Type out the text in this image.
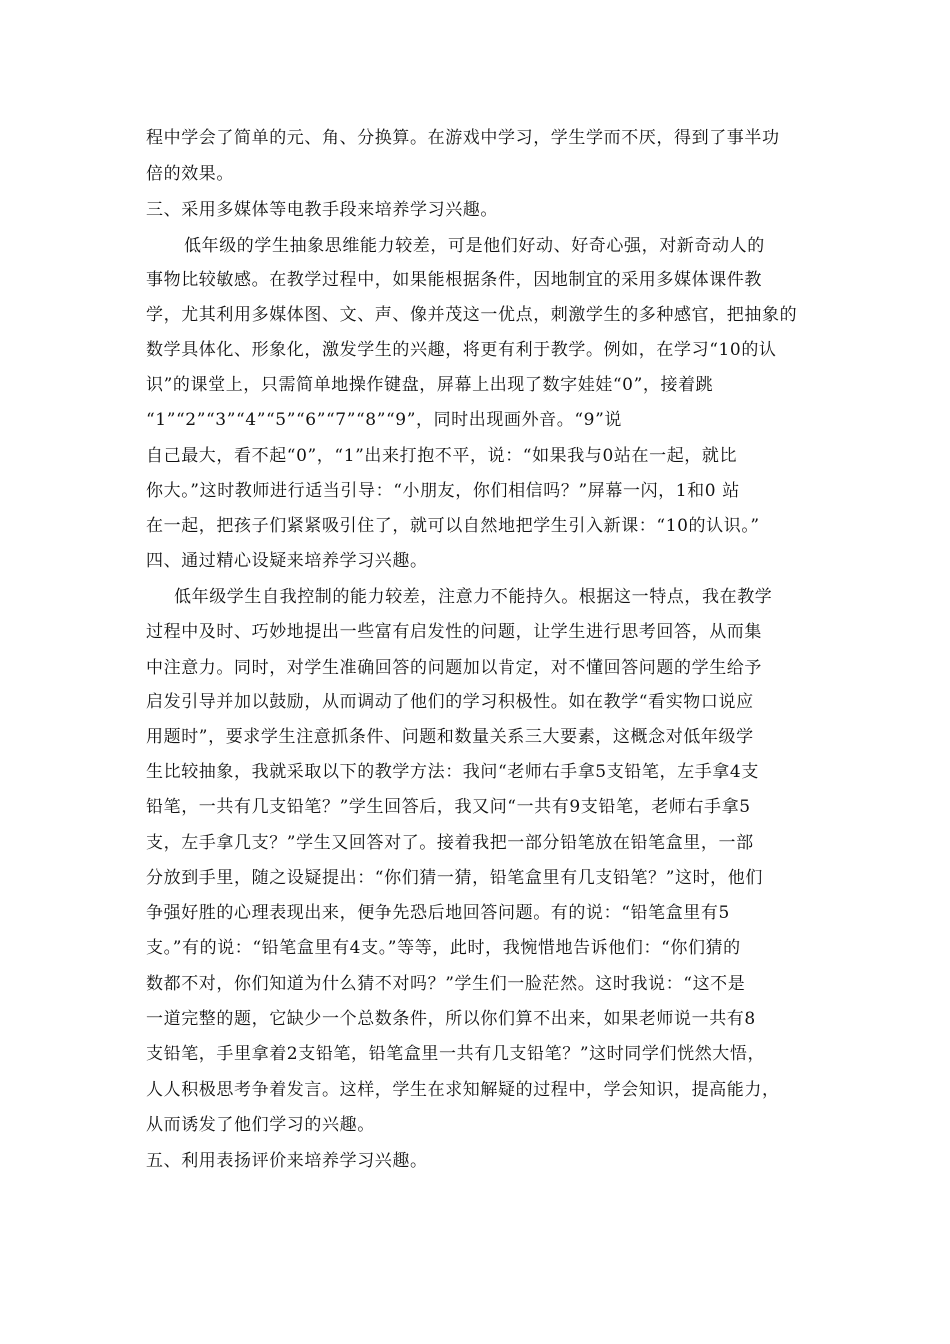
程中学会了简单的元、角、分换算。在游戏中学习，学生学而不厌，得到了事半功
倍的效果。
三、采用多媒体等电教手段来培养学习兴趣。
低年级的学生抽象思维能力较差，可是他们好动、好奇心强，对新奇动人的
事物比较敏感。在教学过程中，如果能根据条件，因地制宜的采用多媒体课件教
学，尤其利用多媒体图、文、声、像并茂这一优点，刺激学生的多种感官，把抽象的
数学具体化、形象化，激发学生的兴趣，将更有利于教学。例如，在学习“10的认
识”的课堂上，只需简单地操作键盘，屏幕上出现了数字娃娃“0”，接着跳
“1”“2”“3”“4”“5”“6”“7”“8”“9”，同时出现画外音。“9”说
自己最大，看不起“0”，“1”出来打抱不平，说：“如果我与0站在一起，就比
你大。”这时教师进行适当引导：“小朋友，你们相信吗？”屏幕一闪，1和0 站
在一起，把孩子们紧紧吸引住了，就可以自然地把学生引入新课：“10的认识。”
四、通过精心设疑来培养学习兴趣。
低年级学生自我控制的能力较差，注意力不能持久。根据这一特点，我在教学
过程中及时、巧妙地提出一些富有启发性的问题，让学生进行思考回答，从而集
中注意力。同时，对学生准确回答的问题加以肯定，对不懂回答问题的学生给予
启发引导并加以鼓励，从而调动了他们的学习积极性。如在教学“看实物口说应
用题时”，要求学生注意抓条件、问题和数量关系三大要素，这概念对低年级学
生比较抽象，我就采取以下的教学方法：我问“老师右手拿5支铅笔，左手拿4支
铅笔，一共有几支铅笔？”学生回答后，我又问“一共有9支铅笔，老师右手拿5
支，左手拿几支？”学生又回答对了。接着我把一部分铅笔放在铅笔盒里，一部
分放到手里，随之设疑提出：“你们猜一猜，铅笔盒里有几支铅笔？”这时，他们
争强好胜的心理表现出来，便争先恐后地回答问题。有的说：“铅笔盒里有5
支。”有的说：“铅笔盒里有4支。”等等，此时，我惋惜地告诉他们：“你们猜的
数都不对，你们知道为什么猜不对吗？”学生们一脸茫然。这时我说：“这不是
一道完整的题，它缺少一个总数条件，所以你们算不出来，如果老师说一共有8
支铅笔，手里拿着2支铅笔，铅笔盒里一共有几支铅笔？”这时同学们恍然大悟，
人人积极思考争着发言。这样，学生在求知解疑的过程中，学会知识，提高能力，
从而诱发了他们学习的兴趣。
五、利用表扬评价来培养学习兴趣。
